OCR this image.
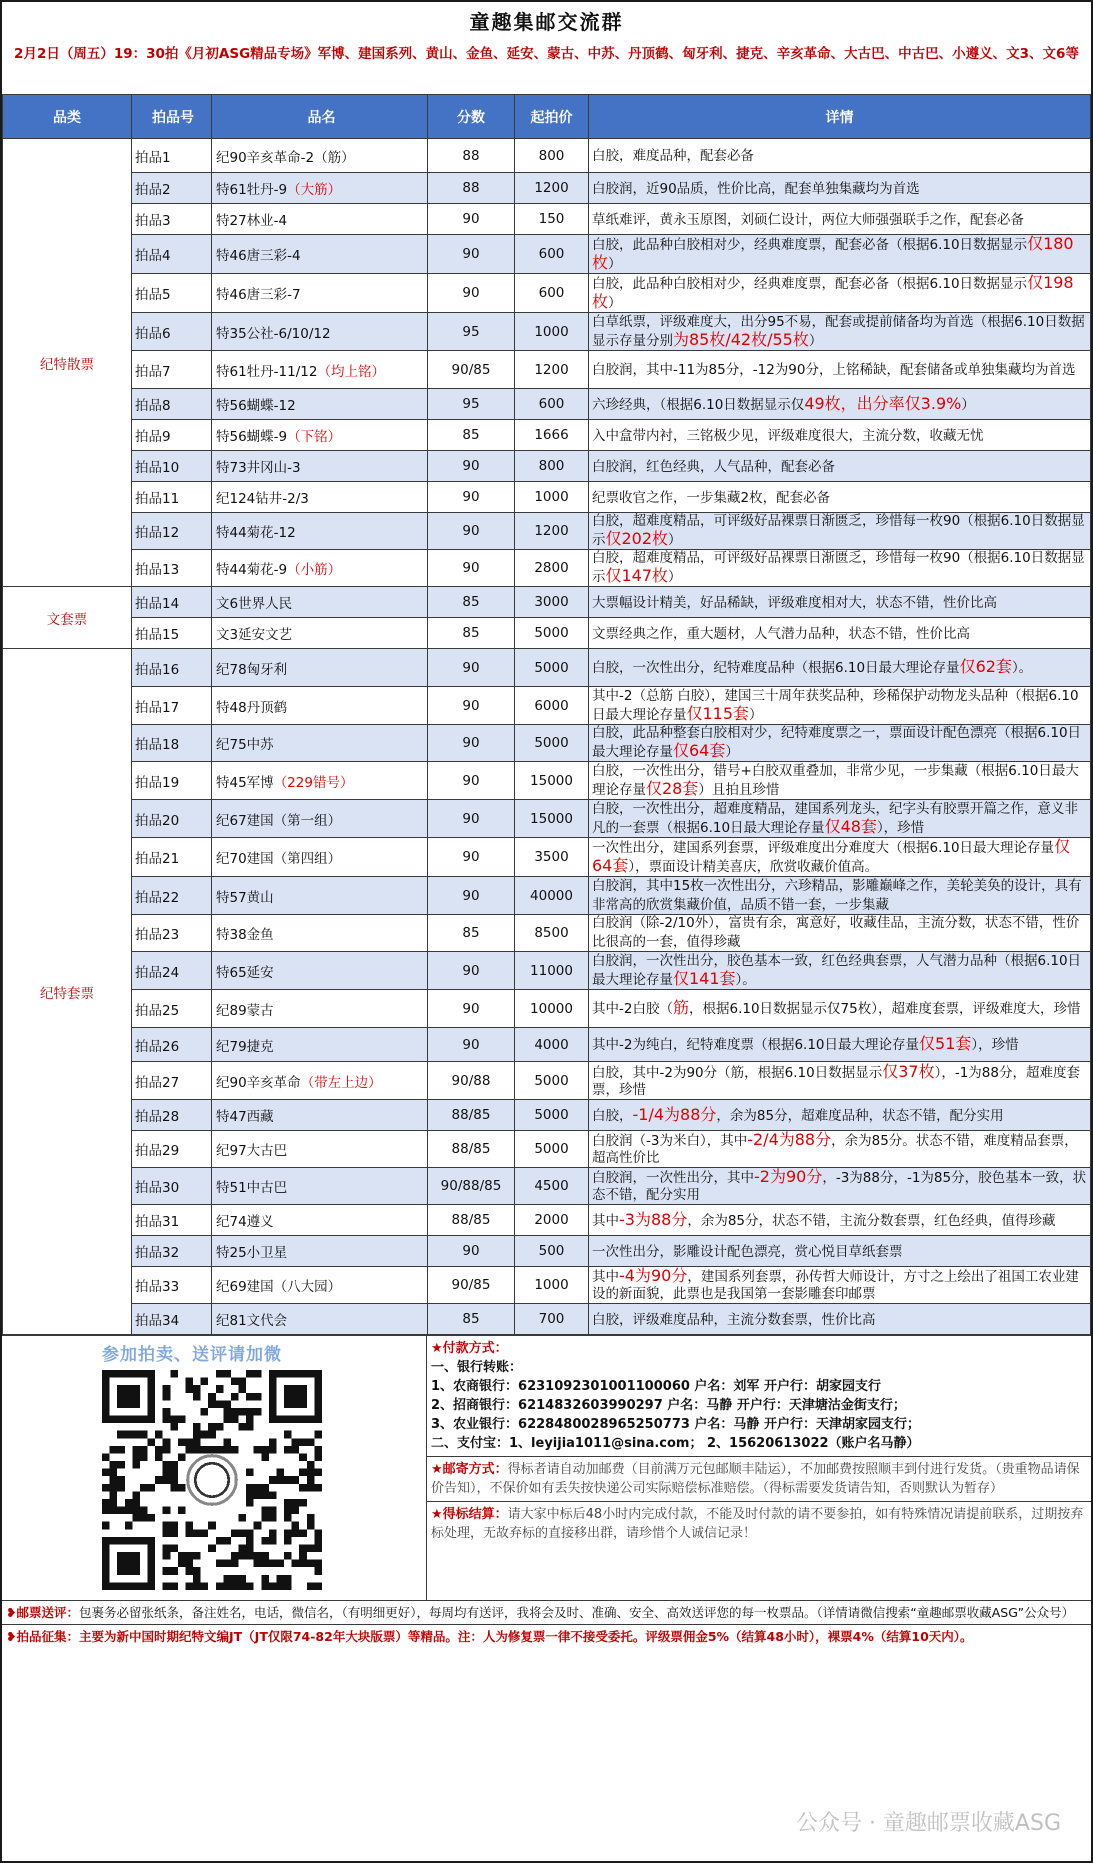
童趣集邮交流群
2月2日（周五）19：30拍《月初ASG精品专场》军博、建国系列、黄山、金鱼、延安、蒙古、中苏、丹顶鹤、匈牙利、捷克、辛亥革命、大古巴、中古巴、小遵义、文3、文6等
品类	拍品号	品名	分数	起拍价	详情
纪特散票	拍品1	纪90辛亥革命-2（筋）	88	800	白胶，难度品种，配套必备
	拍品2	特61牡丹-9（大筋）	88	1200	白胶润，近90品质，性价比高，配套单独集藏均为首选
	拍品3	特27林业-4	90	150	草纸难评，黄永玉原图，刘硕仁设计，两位大师强强联手之作，配套必备
	拍品4	特46唐三彩-4	90	600	白胶，此品种白胶相对少，经典难度票，配套必备（根据6.10日数据显示仅180枚）
	拍品5	特46唐三彩-7	90	600	白胶，此品种白胶相对少，经典难度票，配套必备（根据6.10日数据显示仅198枚）
	拍品6	特35公社-6/10/12	95	1000	白草纸票，评级难度大，出分95不易，配套或提前储备均为首选（根据6.10日数据显示存量分别为85枚/42枚/55枚）
	拍品7	特61牡丹-11/12（均上铭）	90/85	1200	白胶润，其中-11为85分，-12为90分，上铭稀缺，配套储备或单独集藏均为首选
	拍品8	特56蝴蝶-12	95	600	六珍经典，（根据6.10日数据显示仅49枚，出分率仅3.9%）
	拍品9	特56蝴蝶-9（下铭）	85	1666	入中盒带内衬，三铭极少见，评级难度很大，主流分数，收藏无忧
	拍品10	特73井冈山-3	90	800	白胶润，红色经典，人气品种，配套必备
	拍品11	纪124钻井-2/3	90	1000	纪票收官之作，一步集藏2枚，配套必备
	拍品12	特44菊花-12	90	1200	白胶，超难度精品，可评级好品裸票日渐匮乏，珍惜每一枚90（根据6.10日数据显示仅202枚）
	拍品13	特44菊花-9（小筋）	90	2800	白胶，超难度精品，可评级好品裸票日渐匮乏，珍惜每一枚90（根据6.10日数据显示仅147枚）
文套票	拍品14	文6世界人民	85	3000	大票幅设计精美，好品稀缺，评级难度相对大，状态不错，性价比高
	拍品15	文3延安文艺	85	5000	文票经典之作，重大题材，人气潜力品种，状态不错，性价比高
纪特套票	拍品16	纪78匈牙利	90	5000	白胶，一次性出分，纪特难度品种（根据6.10日最大理论存量仅62套）。
	拍品17	特48丹顶鹤	90	6000	其中-2（总筋 白胶），建国三十周年获奖品种，珍稀保护动物龙头品种（根据6.10日最大理论存量仅115套）
	拍品18	纪75中苏	90	5000	白胶，此品种整套白胶相对少，纪特难度票之一，票面设计配色漂亮（根据6.10日最大理论存量仅64套）
	拍品19	特45军博（229错号）	90	15000	白胶，一次性出分，错号+白胶双重叠加，非常少见，一步集藏（根据6.10日最大理论存量仅28套）且拍且珍惜
	拍品20	纪67建国（第一组）	90	15000	白胶，一次性出分，超难度精品，建国系列龙头，纪字头有胶票开篇之作，意义非凡的一套票（根据6.10日最大理论存量仅48套），珍惜
	拍品21	纪70建国（第四组）	90	3500	一次性出分，建国系列套票，评级难度出分难度大（根据6.10日最大理论存量仅64套），票面设计精美喜庆，欣赏收藏价值高。
	拍品22	特57黄山	90	40000	白胶润，其中15枚一次性出分，六珍精品，影雕巅峰之作，美轮美奂的设计，具有非常高的欣赏集藏价值，品质不错一套，一步集藏
	拍品23	特38金鱼	85	8500	白胶润（除-2/10外），富贵有余，寓意好，收藏佳品，主流分数，状态不错，性价比很高的一套，值得珍藏
	拍品24	特65延安	90	11000	白胶润，一次性出分，胶色基本一致，红色经典套票，人气潜力品种（根据6.10日最大理论存量仅141套）。
	拍品25	纪89蒙古	90	10000	其中-2白胶（筋，根据6.10日数据显示仅75枚），超难度套票，评级难度大，珍惜
	拍品26	纪79捷克	90	4000	其中-2为纯白，纪特难度票（根据6.10日最大理论存量仅51套），珍惜
	拍品27	纪90辛亥革命（带左上边）	90/88	5000	白胶，其中-2为90分（筋，根据6.10日数据显示仅37枚），-1为88分，超难度套票，珍惜
	拍品28	特47西藏	88/85	5000	白胶，-1/4为88分，余为85分，超难度品种，状态不错，配分实用
	拍品29	纪97大古巴	88/85	5000	白胶润（-3为米白），其中-2/4为88分，余为85分。状态不错，难度精品套票，超高性价比
	拍品30	特51中古巴	90/88/85	4500	白胶润，一次性出分，其中-2为90分，-3为88分，-1为85分，胶色基本一致，状态不错，配分实用
	拍品31	纪74遵义	88/85	2000	其中-3为88分，余为85分，状态不错，主流分数套票，红色经典，值得珍藏
	拍品32	特25小卫星	90	500	一次性出分，影雕设计配色漂亮，赏心悦目草纸套票
	拍品33	纪69建国（八大园）	90/85	1000	其中-4为90分，建国系列套票，孙传哲大师设计，方寸之上绘出了祖国工农业建设的新面貌，此票也是我国第一套影雕套印邮票
	拍品34	纪81文代会	85	700	白胶，评级难度品种，主流分数套票，性价比高
参加拍卖、送评请加微	★付款方式：
一、银行转账：
1、农商银行：6231092301001100060 户名：刘军 开户行：胡家园支行
2、招商银行：6214832603990297 户名：马静 开户行：天津塘沽金街支行；
3、农业银行：6228480028965250773 户名：马静 开户行：天津胡家园支行；
二、支付宝：1、leyijia1011@sina.com； 2、15620613022（账户名马静）
★邮寄方式：得标者请自动加邮费（目前满万元包邮顺丰陆运），不加邮费按照顺丰到付进行发货。（贵重物品请保价告知），不保价如有丢失按快递公司实际赔偿标准赔偿。（得标需要发货请告知，否则默认为暂存）
★得标结算：请大家中标后48小时内完成付款，不能及时付款的请不要参拍，如有特殊情况请提前联系，过期按弃标处理，无故弃标的直接移出群，请珍惜个人诚信记录！
❥邮票送评：包裹务必留张纸条，备注姓名，电话，微信名，（有明细更好），每周均有送评，我将会及时、准确、安全、高效送评您的每一枚票品。（详情请微信搜索“童趣邮票收藏ASG”公众号）
❥拍品征集：主要为新中国时期纪特文编JT（JT仅限74-82年大块版票）等精品。注：人为修复票一律不接受委托。评级票佣金5%（结算48小时），裸票4%（结算10天内）。
公众号 · 童趣邮票收藏ASG
